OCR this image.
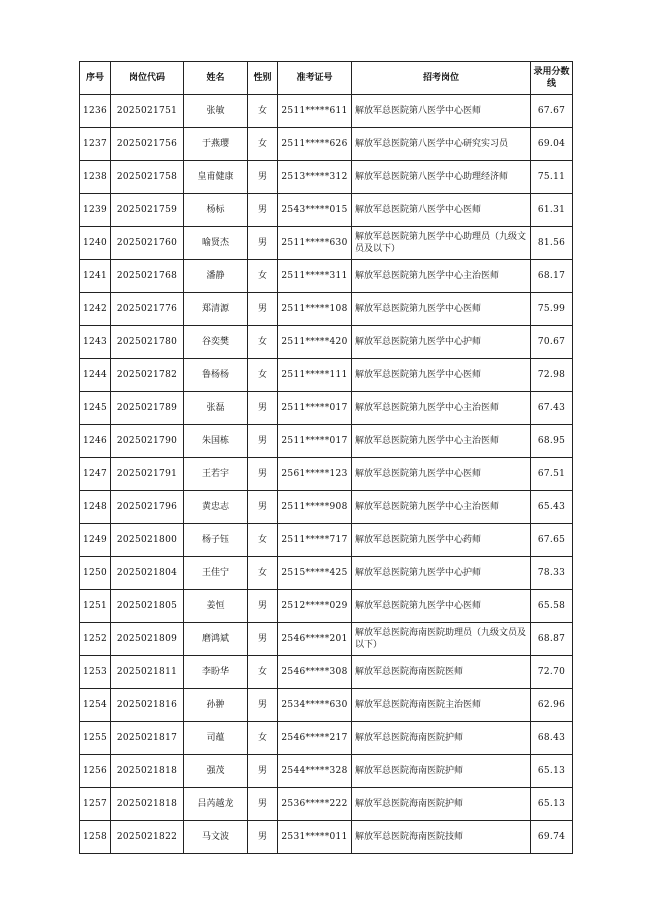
序号	岗位代码	姓名	性别	准考证号	招考岗位	录用分数线
1236	2025021751	张敏	女	2511*****611	解放军总医院第八医学中心医师	67.67
1237	2025021756	于燕璎	女	2511*****626	解放军总医院第八医学中心研究实习员	69.04
1238	2025021758	皇甫健康	男	2513*****312	解放军总医院第八医学中心助理经济师	75.11
1239	2025021759	杨标	男	2543*****015	解放军总医院第八医学中心医师	61.31
1240	2025021760	喻贤杰	男	2511*****630	解放军总医院第九医学中心助理员（九级文员及以下）	81.56
1241	2025021768	潘静	女	2511*****311	解放军总医院第九医学中心主治医师	68.17
1242	2025021776	郑清源	男	2511*****108	解放军总医院第九医学中心医师	75.99
1243	2025021780	谷奕樊	女	2511*****420	解放军总医院第九医学中心护师	70.67
1244	2025021782	鲁杨杨	女	2511*****111	解放军总医院第九医学中心医师	72.98
1245	2025021789	张磊	男	2511*****017	解放军总医院第九医学中心主治医师	67.43
1246	2025021790	朱国栋	男	2511*****017	解放军总医院第九医学中心主治医师	68.95
1247	2025021791	王若宇	男	2561*****123	解放军总医院第九医学中心医师	67.51
1248	2025021796	黄忠志	男	2511*****908	解放军总医院第九医学中心主治医师	65.43
1249	2025021800	杨子钰	女	2511*****717	解放军总医院第九医学中心药师	67.65
1250	2025021804	王佳宁	女	2515*****425	解放军总医院第九医学中心护师	78.33
1251	2025021805	姜恒	男	2512*****029	解放军总医院第九医学中心医师	65.58
1252	2025021809	磨鸿斌	男	2546*****201	解放军总医院海南医院助理员（九级文员及以下）	68.87
1253	2025021811	李盼华	女	2546*****308	解放军总医院海南医院医师	72.70
1254	2025021816	孙翀	男	2534*****630	解放军总医院海南医院主治医师	62.96
1255	2025021817	司蕴	女	2546*****217	解放军总医院海南医院护师	68.43
1256	2025021818	强茂	男	2544*****328	解放军总医院海南医院护师	65.13
1257	2025021818	吕芮越龙	男	2536*****222	解放军总医院海南医院护师	65.13
1258	2025021822	马文波	男	2531*****011	解放军总医院海南医院技师	69.74
